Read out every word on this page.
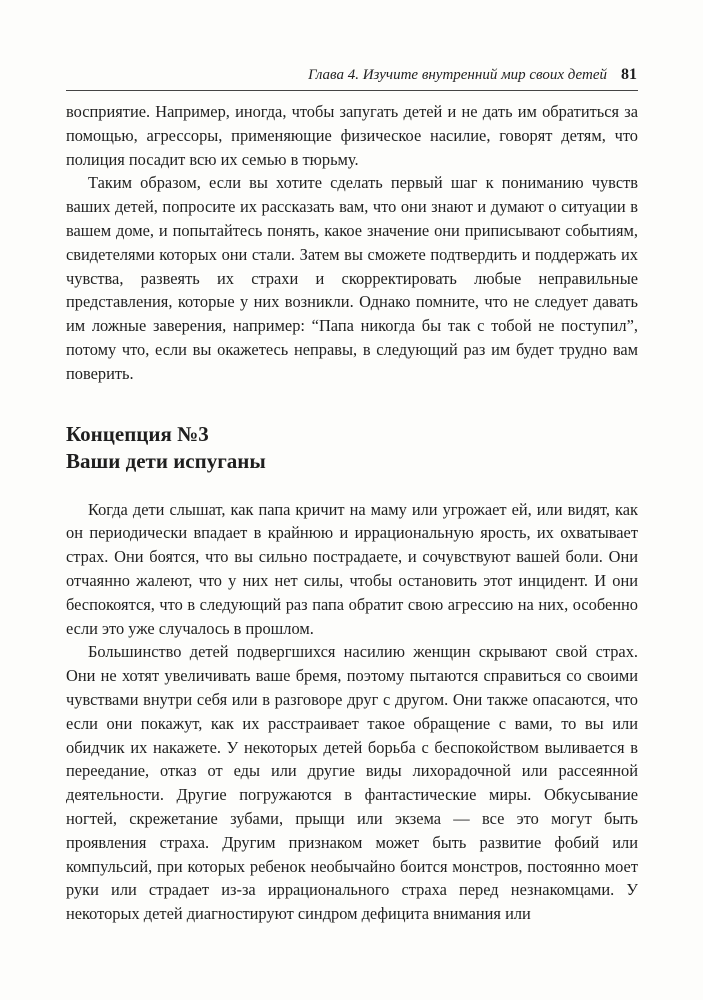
Глава 4. Изучите внутренний мир своих детей 81

восприятие. Например, иногда, чтобы запугать детей и не дать им обратиться за помощью, агрессоры, применяющие физическое насилие, говорят детям, что полиция посадит всю их семью в тюрьму.

Таким образом, если вы хотите сделать первый шаг к пониманию чувств ваших детей, попросите их рассказать вам, что они знают и думают о ситуации в вашем доме, и попытайтесь понять, какое значение они приписывают событиям, свидетелями которых они стали. Затем вы сможете подтвердить и поддержать их чувства, развеять их страхи и скорректировать любые неправильные представления, которые у них возникли. Однако помните, что не следует давать им ложные заверения, например: “Папа никогда бы так с тобой не поступил”, потому что, если вы окажетесь неправы, в следующий раз им будет трудно вам поверить.

Концепция №3
Ваши дети испуганы

Когда дети слышат, как папа кричит на маму или угрожает ей, или видят, как он периодически впадает в крайнюю и иррациональную ярость, их охватывает страх. Они боятся, что вы сильно пострадаете, и сочувствуют вашей боли. Они отчаянно жалеют, что у них нет силы, чтобы остановить этот инцидент. И они беспокоятся, что в следующий раз папа обратит свою агрессию на них, особенно если это уже случалось в прошлом.

Большинство детей подвергшихся насилию женщин скрывают свой страх. Они не хотят увеличивать ваше бремя, поэтому пытаются справиться со своими чувствами внутри себя или в разговоре друг с другом. Они также опасаются, что если они покажут, как их расстраивает такое обращение с вами, то вы или обидчик их накажете. У некоторых детей борьба с беспокойством выливается в переедание, отказ от еды или другие виды лихорадочной или рассеянной деятельности. Другие погружаются в фантастические миры. Обкусывание ногтей, скрежетание зубами, прыщи или экзема — все это могут быть проявления страха. Другим признаком может быть развитие фобий или компульсий, при которых ребенок необычайно боится монстров, постоянно моет руки или страдает из-за иррационального страха перед незнакомцами. У некоторых детей диагностируют синдром дефицита внимания или
